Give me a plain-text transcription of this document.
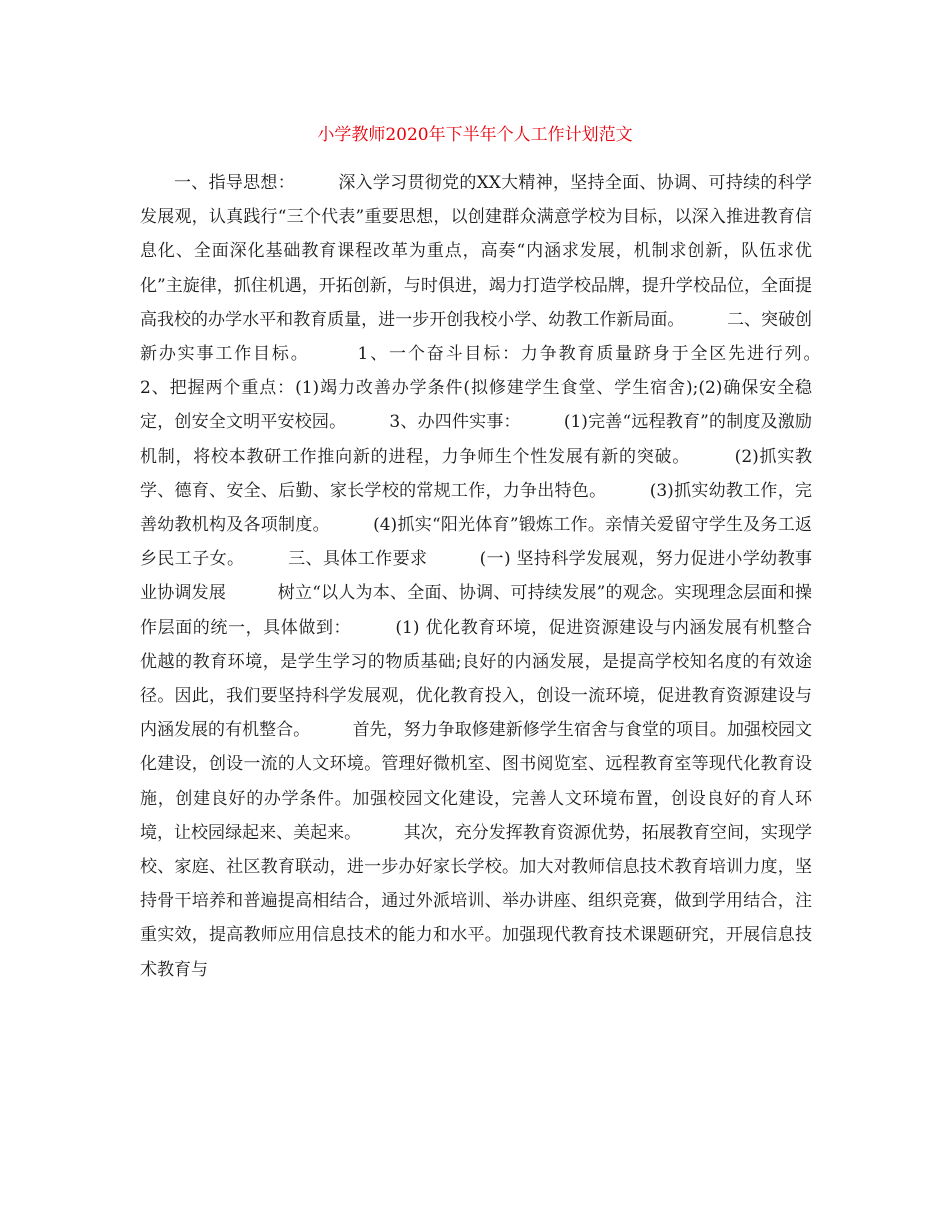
小学教师2020年下半年个人工作计划范文

一、指导思想：　　　深入学习贯彻党的XX大精神，坚持全面、协调、可持续的科学发展观，认真践行“三个代表”重要思想，以创建群众满意学校为目标，以深入推进教育信息化、全面深化基础教育课程改革为重点，高奏“内涵求发展，机制求创新，队伍求优化”主旋律，抓住机遇，开拓创新，与时俱进，竭力打造学校品牌，提升学校品位，全面提高我校的办学水平和教育质量，进一步开创我校小学、幼教工作新局面。　　　二、突破创新办实事工作目标。　　　1、一个奋斗目标：力争教育质量跻身于全区先进行列。　　　2、把握两个重点：(1)竭力改善办学条件(拟修建学生食堂、学生宿舍);(2)确保安全稳定，创安全文明平安校园。　　　3、办四件实事：　　　(1)完善“远程教育”的制度及激励机制，将校本教研工作推向新的进程，力争师生个性发展有新的突破。　　　(2)抓实教学、德育、安全、后勤、家长学校的常规工作，力争出特色。　　　(3)抓实幼教工作，完善幼教机构及各项制度。　　　(4)抓实“阳光体育”锻炼工作。亲情关爱留守学生及务工返乡民工子女。　　　三、具体工作要求　　　(一) 坚持科学发展观，努力促进小学幼教事业协调发展　　　树立“以人为本、全面、协调、可持续发展”的观念。实现理念层面和操作层面的统一，具体做到：　　　(1) 优化教育环境，促进资源建设与内涵发展有机整合　　　优越的教育环境，是学生学习的物质基础;良好的内涵发展，是提高学校知名度的有效途径。因此，我们要坚持科学发展观，优化教育投入，创设一流环境，促进教育资源建设与内涵发展的有机整合。　　　首先，努力争取修建新修学生宿舍与食堂的项目。加强校园文化建设，创设一流的人文环境。管理好微机室、图书阅览室、远程教育室等现代化教育设施，创建良好的办学条件。加强校园文化建设，完善人文环境布置，创设良好的育人环境，让校园绿起来、美起来。　　　其次，充分发挥教育资源优势，拓展教育空间，实现学校、家庭、社区教育联动，进一步办好家长学校。加大对教师信息技术教育培训力度，坚持骨干培养和普遍提高相结合，通过外派培训、举办讲座、组织竞赛，做到学用结合，注重实效，提高教师应用信息技术的能力和水平。加强现代教育技术课题研究，开展信息技术教育与
